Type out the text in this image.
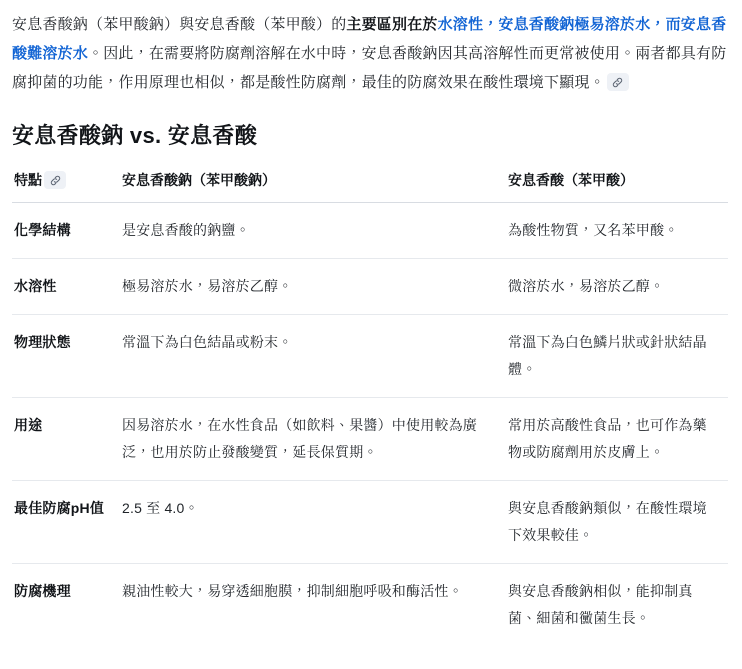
安息香酸鈉（苯甲酸鈉）與安息香酸（苯甲酸）的主要區別在於水溶性，安息香酸鈉極易溶於水，而安息香酸難溶於水。因此，在需要將防腐劑溶解在水中時，安息香酸鈉因其高溶解性而更常被使用。兩者都具有防腐抑菌的功能，作用原理也相似，都是酸性防腐劑，最佳的防腐效果在酸性環境下顯現。

安息香酸鈉 vs. 安息香酸
特點	安息香酸鈉（苯甲酸鈉）	安息香酸（苯甲酸）
化學結構	是安息香酸的鈉鹽。	為酸性物質，又名苯甲酸。
水溶性	極易溶於水，易溶於乙醇。	微溶於水，易溶於乙醇。
物理狀態	常溫下為白色結晶或粉末。	常溫下為白色鱗片狀或針狀結晶體。
用途	因易溶於水，在水性食品（如飲料、果醬）中使用較為廣泛，也用於防止發酸變質，延長保質期。	常用於高酸性食品，也可作為藥物或防腐劑用於皮膚上。
最佳防腐pH值	2.5 至 4.0。	與安息香酸鈉類似，在酸性環境下效果較佳。
防腐機理	親油性較大，易穿透細胞膜，抑制細胞呼吸和酶活性。	與安息香酸鈉相似，能抑制真菌、細菌和黴菌生長。
